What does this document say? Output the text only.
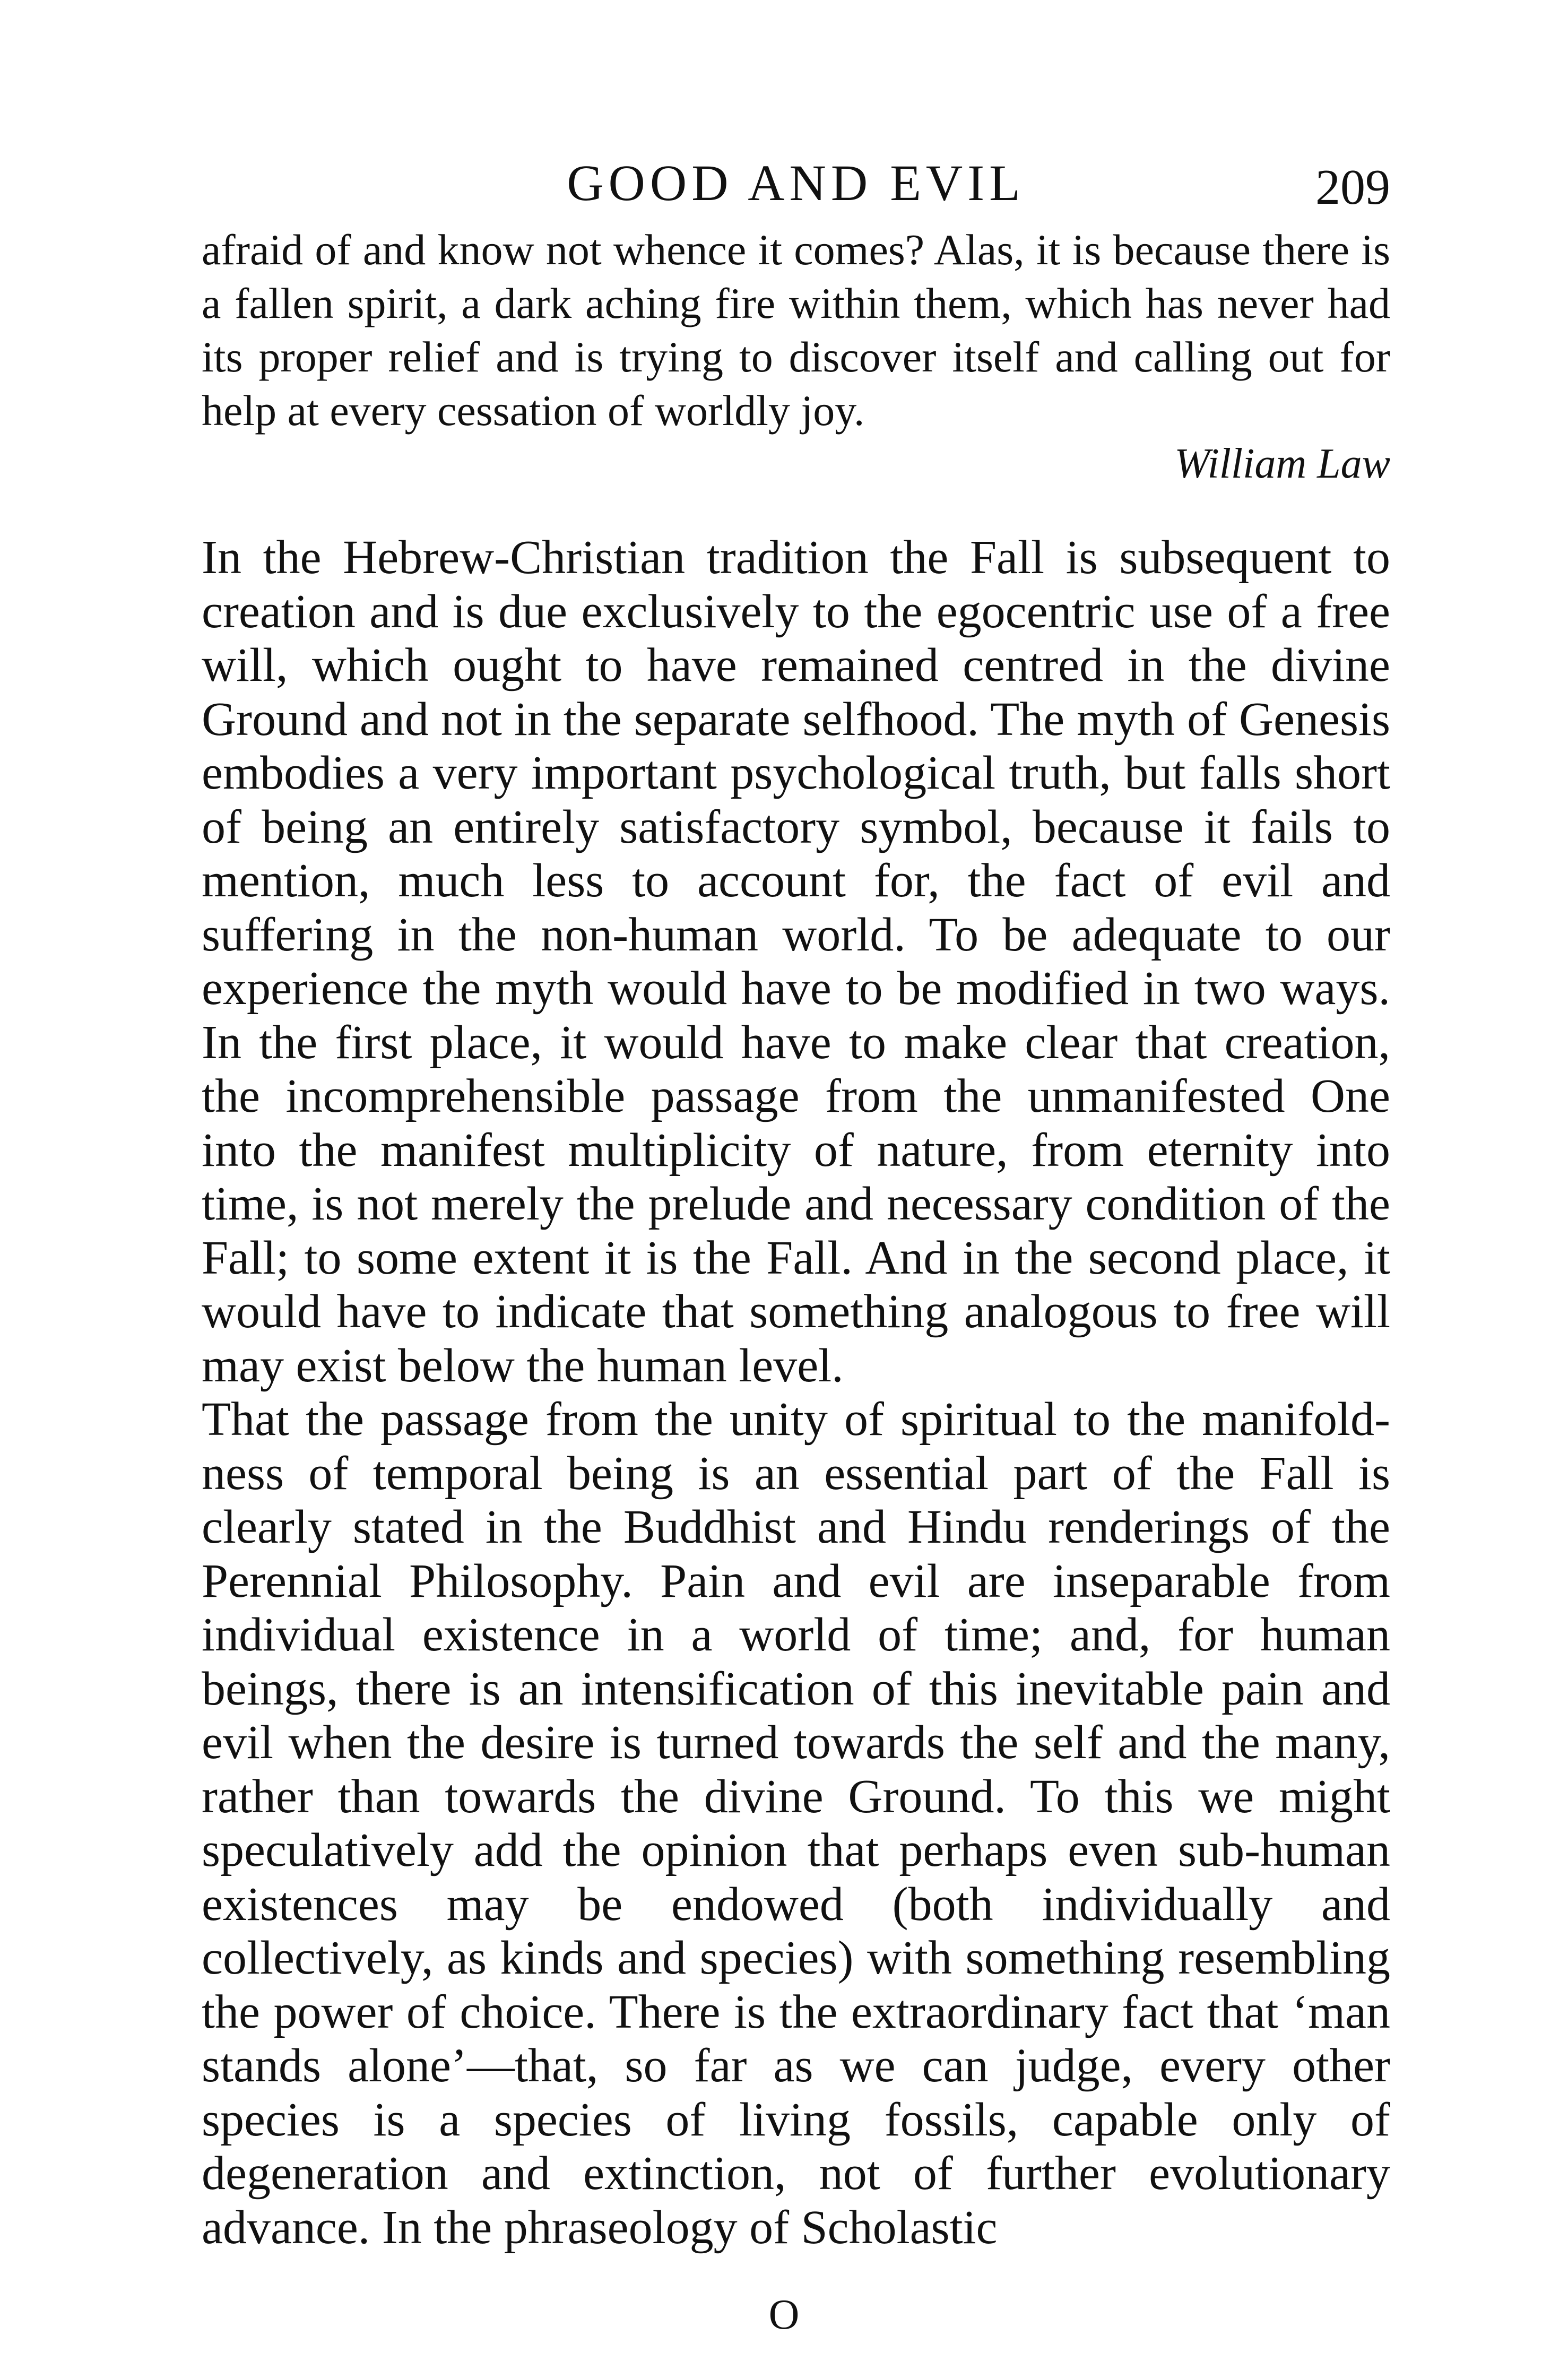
GOOD AND EVIL	209

afraid of and know not whence it comes? Alas, it is because there is a fallen spirit, a dark aching fire within them, which has never had its proper relief and is trying to discover itself and calling out for help at every cessation of worldly joy.

William Law

In the Hebrew-Christian tradition the Fall is subsequent to creation and is due exclusively to the egocentric use of a free will, which ought to have remained centred in the divine Ground and not in the separate selfhood. The myth of Genesis embodies a very important psychological truth, but falls short of being an entirely satisfactory symbol, because it fails to mention, much less to account for, the fact of evil and suffering in the non-human world. To be adequate to our experience the myth would have to be modified in two ways. In the first place, it would have to make clear that creation, the incomprehensible passage from the unmanifested One into the manifest multiplicity of nature, from eternity into time, is not merely the prelude and necessary condition of the Fall; to some extent it is the Fall. And in the second place, it would have to indicate that something analogous to free will may exist below the human level.

That the passage from the unity of spiritual to the manifoldness of temporal being is an essential part of the Fall is clearly stated in the Buddhist and Hindu renderings of the Perennial Philosophy. Pain and evil are inseparable from individual existence in a world of time; and, for human beings, there is an intensification of this inevitable pain and evil when the desire is turned towards the self and the many, rather than towards the divine Ground. To this we might speculatively add the opinion that perhaps even sub-human existences may be endowed (both individually and collectively, as kinds and species) with something resembling the power of choice. There is the extraordinary fact that ‘man stands alone’—that, so far as we can judge, every other species is a species of living fossils, capable only of degeneration and extinction, not of further evolutionary advance. In the phraseology of Scholastic

O
